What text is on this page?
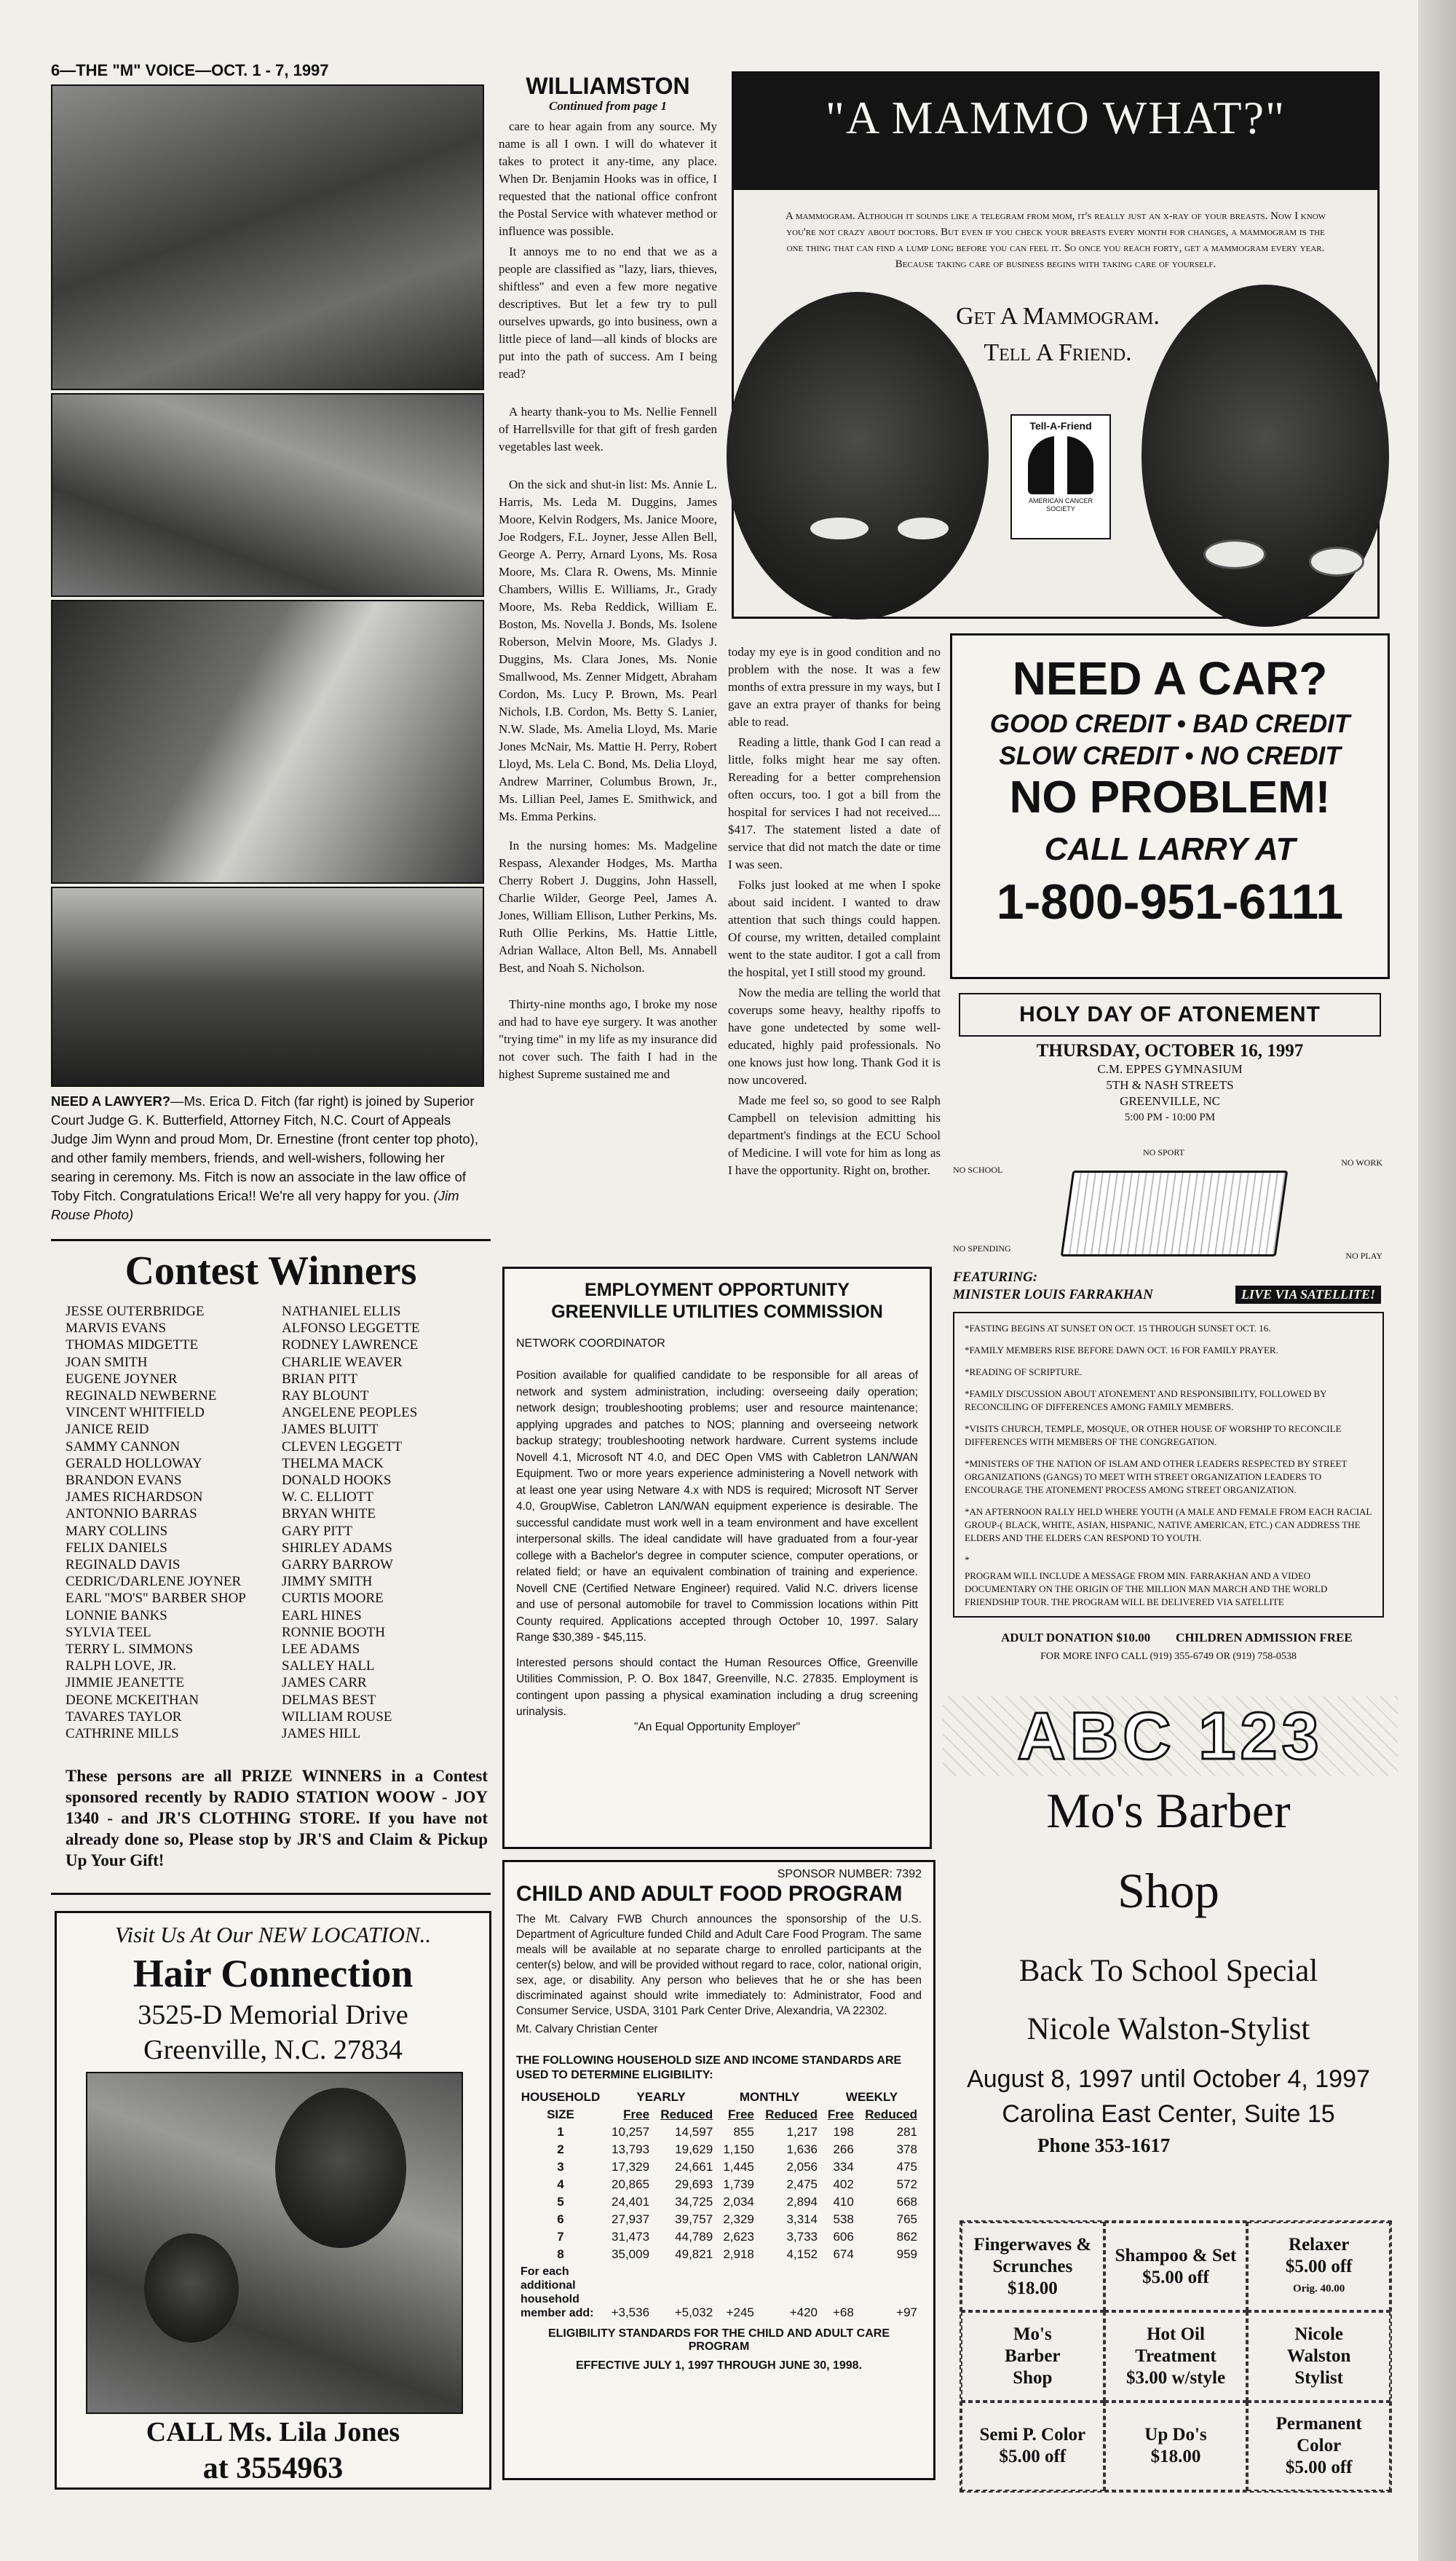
6—THE "M" VOICE—OCT. 1 - 7, 1997
NEED A LAWYER?—Ms. Erica D. Fitch (far right) is joined by Superior Court Judge G. K. Butterfield, Attorney Fitch, N.C. Court of Appeals Judge Jim Wynn and proud Mom, Dr. Ernestine (front center top photo), and other family members, friends, and well-wishers, following her searing in ceremony. Ms. Fitch is now an associate in the law office of Toby Fitch. Congratulations Erica!! We're all very happy for you. (Jim Rouse Photo)
WILLIAMSTON
Continued from page 1

care to hear again from any source. My name is all I own. I will do whatever it takes to protect it any-time, any place. When Dr. Benjamin Hooks was in office, I requested that the national office confront the Postal Service with whatever method or influence was possible.

It annoys me to no end that we as a people are classified as "lazy, liars, thieves, shiftless" and even a few more negative descriptives. But let a few try to pull ourselves upwards, go into business, own a little piece of land—all kinds of blocks are put into the path of success. Am I being read?

A hearty thank-you to Ms. Nellie Fennell of Harrellsville for that gift of fresh garden vegetables last week.

On the sick and shut-in list: Ms. Annie L. Harris, Ms. Leda M. Duggins, James Moore, Kelvin Rodgers, Ms. Janice Moore, Joe Rodgers, F.L. Joyner, Jesse Allen Bell, George A. Perry, Arnard Lyons, Ms. Rosa Moore, Ms. Clara R. Owens, Ms. Minnie Chambers, Willis E. Williams, Jr., Grady Moore, Ms. Reba Reddick, William E. Boston, Ms. Novella J. Bonds, Ms. Isolene Roberson, Melvin Moore, Ms. Gladys J. Duggins, Ms. Clara Jones, Ms. Nonie Smallwood, Ms. Zenner Midgett, Abraham Cordon, Ms. Lucy P. Brown, Ms. Pearl Nichols, I.B. Cordon, Ms. Betty S. Lanier, N.W. Slade, Ms. Amelia Lloyd, Ms. Marie Jones McNair, Ms. Mattie H. Perry, Robert Lloyd, Ms. Lela C. Bond, Ms. Delia Lloyd, Andrew Marriner, Columbus Brown, Jr., Ms. Lillian Peel, James E. Smithwick, and Ms. Emma Perkins.

In the nursing homes: Ms. Madgeline Respass, Alexander Hodges, Ms. Martha Cherry Robert J. Duggins, John Hassell, Charlie Wilder, George Peel, James A. Jones, William Ellison, Luther Perkins, Ms. Ruth Ollie Perkins, Ms. Hattie Little, Adrian Wallace, Alton Bell, Ms. Annabell Best, and Noah S. Nicholson.

Thirty-nine months ago, I broke my nose and had to have eye surgery. It was another "trying time" in my life as my insurance did not cover such. The faith I had in the highest Supreme sustained me and

today my eye is in good condition and no problem with the nose. It was a few months of extra pressure in my ways, but I gave an extra prayer of thanks for being able to read.

Reading a little, thank God I can read a little, folks might hear me say often. Rereading for a better comprehension often occurs, too. I got a bill from the hospital for services I had not received.... $417. The statement listed a date of service that did not match the date or time I was seen.

Folks just looked at me when I spoke about said incident. I wanted to draw attention that such things could happen. Of course, my written, detailed complaint went to the state auditor. I got a call from the hospital, yet I still stood my ground.

Now the media are telling the world that coverups some heavy, healthy ripoffs to have gone undetected by some well-educated, highly paid professionals. No one knows just how long. Thank God it is now uncovered.

Made me feel so, so good to see Ralph Campbell on television admitting his department's findings at the ECU School of Medicine. I will vote for him as long as I have the opportunity. Right on, brother.

"A MAMMO WHAT?"
A mammogram. Although it sounds like a telegram from mom, it's really just an x-ray of your breasts. Now I know you're not crazy about doctors. But even if you check your breasts every month for changes, a mammogram is the one thing that can find a lump long before you can feel it. So once you reach forty, get a mammogram every year. Because taking care of business begins with taking care of yourself.
Get A Mammogram.
Tell A Friend.
Tell-A-Friend
AMERICAN CANCER SOCIETY
NEED A CAR?
GOOD CREDIT • BAD CREDIT
SLOW CREDIT • NO CREDIT
NO PROBLEM!
CALL LARRY AT
1-800-951-6111
HOLY DAY OF ATONEMENT
THURSDAY, OCTOBER 16, 1997
C.M. EPPES GYMNASIUM
5TH & NASH STREETS
GREENVILLE, NC
5:00 PM - 10:00 PM
NO SPORT
NO SCHOOL
NO WORK
NO SPENDING
NO PLAY
FEATURING:
MINISTER LOUIS FARRAKHAN	LIVE VIA SATELLITE!

*FASTING BEGINS AT SUNSET ON OCT. 15 THROUGH SUNSET OCT. 16.

*FAMILY MEMBERS RISE BEFORE DAWN OCT. 16 FOR FAMILY PRAYER.

*READING OF SCRIPTURE.

*FAMILY DISCUSSION ABOUT ATONEMENT AND RESPONSIBILITY, FOLLOWED BY RECONCILING OF DIFFERENCES AMONG FAMILY MEMBERS.

*VISITS CHURCH, TEMPLE, MOSQUE, OR OTHER HOUSE OF WORSHIP TO RECONCILE DIFFERENCES WITH MEMBERS OF THE CONGREGATION.

*MINISTERS OF THE NATION OF ISLAM AND OTHER LEADERS RESPECTED BY STREET ORGANIZATIONS (GANGS) TO MEET WITH STREET ORGANIZATION LEADERS TO ENCOURAGE THE ATONEMENT PROCESS AMONG STREET ORGANIZATION.

*AN AFTERNOON RALLY HELD WHERE YOUTH (A MALE AND FEMALE FROM EACH RACIAL GROUP-( BLACK, WHITE, ASIAN, HISPANIC, NATIVE AMERICAN, ETC.) CAN ADDRESS THE ELDERS AND THE ELDERS CAN RESPOND TO YOUTH.

*

PROGRAM WILL INCLUDE A MESSAGE FROM MIN. FARRAKHAN AND A VIDEO DOCUMENTARY ON THE ORIGIN OF THE MILLION MAN MARCH AND THE WORLD FRIENDSHIP TOUR. THE PROGRAM WILL BE DELIVERED VIA SATELLITE

ADULT DONATION $10.00 CHILDREN ADMISSION FREE
FOR MORE INFO CALL (919) 355-6749 OR (919) 758-0538
ABC 123
Mo's Barber
Shop
Back To School Special
Nicole Walston-Stylist
August 8, 1997 until October 4, 1997
Carolina East Center, Suite 15
Phone 353-1617
Fingerwaves &
Scrunches
$18.00
Shampoo & Set
$5.00 off
Relaxer
$5.00 off
Orig. 40.00
Mo's
Barber
Shop
Hot Oil
Treatment
$3.00 w/style
Nicole
Walston
Stylist
Semi P. Color
$5.00 off
Up Do's
$18.00
Permanent
Color
$5.00 off
Contest Winners
JESSE OUTERBRIDGE
MARVIS EVANS
THOMAS MIDGETTE
JOAN SMITH
EUGENE JOYNER
REGINALD NEWBERNE
VINCENT WHITFIELD
JANICE REID
SAMMY CANNON
GERALD HOLLOWAY
BRANDON EVANS
JAMES RICHARDSON
ANTONNIO BARRAS
MARY COLLINS
FELIX DANIELS
REGINALD DAVIS
CEDRIC/DARLENE JOYNER
EARL "MO'S" BARBER SHOP
LONNIE BANKS
SYLVIA TEEL
TERRY L. SIMMONS
RALPH LOVE, JR.
JIMMIE JEANETTE
DEONE MCKEITHAN
TAVARES TAYLOR
CATHRINE MILLS
NATHANIEL ELLIS
ALFONSO LEGGETTE
RODNEY LAWRENCE
CHARLIE WEAVER
BRIAN PITT
RAY BLOUNT
ANGELENE PEOPLES
JAMES BLUITT
CLEVEN LEGGETT
THELMA MACK
DONALD HOOKS
W. C. ELLIOTT
BRYAN WHITE
GARY PITT
SHIRLEY ADAMS
GARRY BARROW
JIMMY SMITH
CURTIS MOORE
EARL HINES
RONNIE BOOTH
LEE ADAMS
SALLEY HALL
JAMES CARR
DELMAS BEST
WILLIAM ROUSE
JAMES HILL
These persons are all PRIZE WINNERS in a Contest sponsored recently by RADIO STATION WOOW - JOY 1340 - and JR'S CLOTHING STORE. If you have not already done so, Please stop by JR'S and Claim & Pickup Up Your Gift!
Visit Us At Our NEW LOCATION..
Hair Connection
3525-D Memorial Drive
Greenville, N.C. 27834
CALL Ms. Lila Jones
at 3554963
EMPLOYMENT OPPORTUNITY
GREENVILLE UTILITIES COMMISSION
NETWORK COORDINATOR

Position available for qualified candidate to be responsible for all areas of network and system administration, including: overseeing daily operation; network design; troubleshooting problems; user and resource maintenance; applying upgrades and patches to NOS; planning and overseeing network backup strategy; troubleshooting network hardware. Current systems include Novell 4.1, Microsoft NT 4.0, and DEC Open VMS with Cabletron LAN/WAN Equipment. Two or more years experience administering a Novell network with at least one year using Netware 4.x with NDS is required; Microsoft NT Server 4.0, GroupWise, Cabletron LAN/WAN equipment experience is desirable. The successful candidate must work well in a team environment and have excellent interpersonal skills. The ideal candidate will have graduated from a four-year college with a Bachelor's degree in computer science, computer operations, or related field; or have an equivalent combination of training and experience. Novell CNE (Certified Netware Engineer) required. Valid N.C. drivers license and use of personal automobile for travel to Commission locations within Pitt County required. Applications accepted through October 10, 1997. Salary Range $30,389 - $45,115.

Interested persons should contact the Human Resources Office, Greenville Utilities Commission, P. O. Box 1847, Greenville, N.C. 27835. Employment is contingent upon passing a physical examination including a drug screening urinalysis.

"An Equal Opportunity Employer"
SPONSOR NUMBER: 7392
CHILD AND ADULT FOOD PROGRAM

The Mt. Calvary FWB Church announces the sponsorship of the U.S. Department of Agriculture funded Child and Adult Care Food Program. The same meals will be available at no separate charge to enrolled participants at the center(s) below, and will be provided without regard to race, color, national origin, sex, age, or disability. Any person who believes that he or she has been discriminated against should write immediately to: Administrator, Food and Consumer Service, USDA, 3101 Park Center Drive, Alexandria, VA 22302.

Mt. Calvary Christian Center
THE FOLLOWING HOUSEHOLD SIZE AND INCOME STANDARDS ARE USED TO DETERMINE ELIGIBILITY:
HOUSEHOLD	YEARLY		MONTHLY		WEEKLY	
SIZE	Free	Reduced	Free	Reduced	Free	Reduced
1	10,257	14,597	855	1,217	198	281
2	13,793	19,629	1,150	1,636	266	378
3	17,329	24,661	1,445	2,056	334	475
4	20,865	29,693	1,739	2,475	402	572
5	24,401	34,725	2,034	2,894	410	668
6	27,937	39,757	2,329	3,314	538	765
7	31,473	44,789	2,623	3,733	606	862
8	35,009	49,821	2,918	4,152	674	959
For each additional household member add:	+3,536	+5,032	+245	+420	+68	+97
ELIGIBILITY STANDARDS FOR THE CHILD AND ADULT CARE PROGRAM
EFFECTIVE JULY 1, 1997 THROUGH JUNE 30, 1998.
